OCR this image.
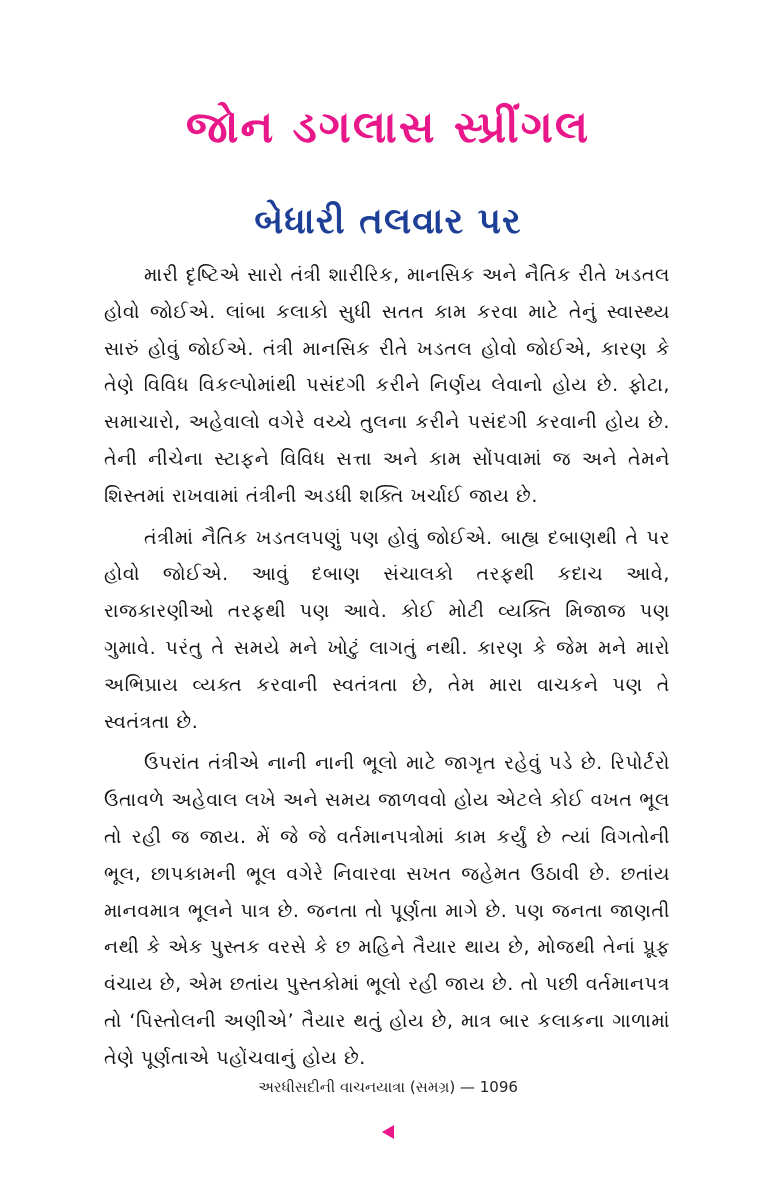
જોન ડગલાસ સ્પ્રીંગલ
બેધારી તલવાર પર

મારી દૃષ્ટિએ સારો તંત્રી શારીરિક, માનસિક અને નૈતિક રીતે ખડતલ હોવો જોઈએ. લાંબા કલાકો સુધી સતત કામ કરવા માટે તેનું સ્વાસ્થ્ય સારું હોવું જોઈએ. તંત્રી માનસિક રીતે ખડતલ હોવો જોઈએ, કારણ કે તેણે વિવિધ વિકલ્પોમાંથી પસંદગી કરીને નિર્ણય લેવાનો હોય છે. ફોટા, સમાચારો, અહેવાલો વગેરે વચ્ચે તુલના કરીને પસંદગી કરવાની હોય છે. તેની નીચેના સ્ટાફને વિવિધ સત્તા અને કામ સોંપવામાં જ અને તેમને શિસ્તમાં રાખવામાં તંત્રીની અડધી શક્તિ ખર્ચાઈ જાય છે.

તંત્રીમાં નૈતિક ખડતલપણું પણ હોવું જોઈએ. બાહ્ય દબાણથી તે પર હોવો જોઈએ. આવું દબાણ સંચાલકો તરફથી કદાચ આવે, રાજકારણીઓ તરફથી પણ આવે. કોઈ મોટી વ્યક્તિ મિજાજ પણ ગુમાવે. પરંતુ તે સમયે મને ખોટું લાગતું નથી. કારણ કે જેમ મને મારો અભિપ્રાય વ્યક્ત કરવાની સ્વતંત્રતા છે, તેમ મારા વાચકને પણ તે સ્વતંત્રતા છે.

ઉપરાંત તંત્રીએ નાની નાની ભૂલો માટે જાગૃત રહેવું પડે છે. રિપોર્ટરો ઉતાવળે અહેવાલ લખે અને સમય જાળવવો હોય એટલે કોઈ વખત ભૂલ તો રહી જ જાય. મેં જે જે વર્તમાનપત્રોમાં કામ કર્યું છે ત્યાં વિગતોની ભૂલ, છાપકામની ભૂલ વગેરે નિવારવા સખત જહેમત ઉઠાવી છે. છતાંય માનવમાત્ર ભૂલને પાત્ર છે. જનતા તો પૂર્ણતા માગે છે. પણ જનતા જાણતી નથી કે એક પુસ્તક વરસે કે છ મહિને તૈયાર થાય છે, મોજથી તેનાં પ્રૂફ વંચાય છે, એમ છતાંય પુસ્તકોમાં ભૂલો રહી જાય છે. તો પછી વર્તમાનપત્ર તો ‘પિસ્તોલની અણીએ’ તૈયાર થતું હોય છે, માત્ર બાર કલાકના ગાળામાં તેણે પૂર્ણતાએ પહોંચવાનું હોય છે.

અરધીસદીની વાચનયાત્રા (સમગ્ર) — 1096
